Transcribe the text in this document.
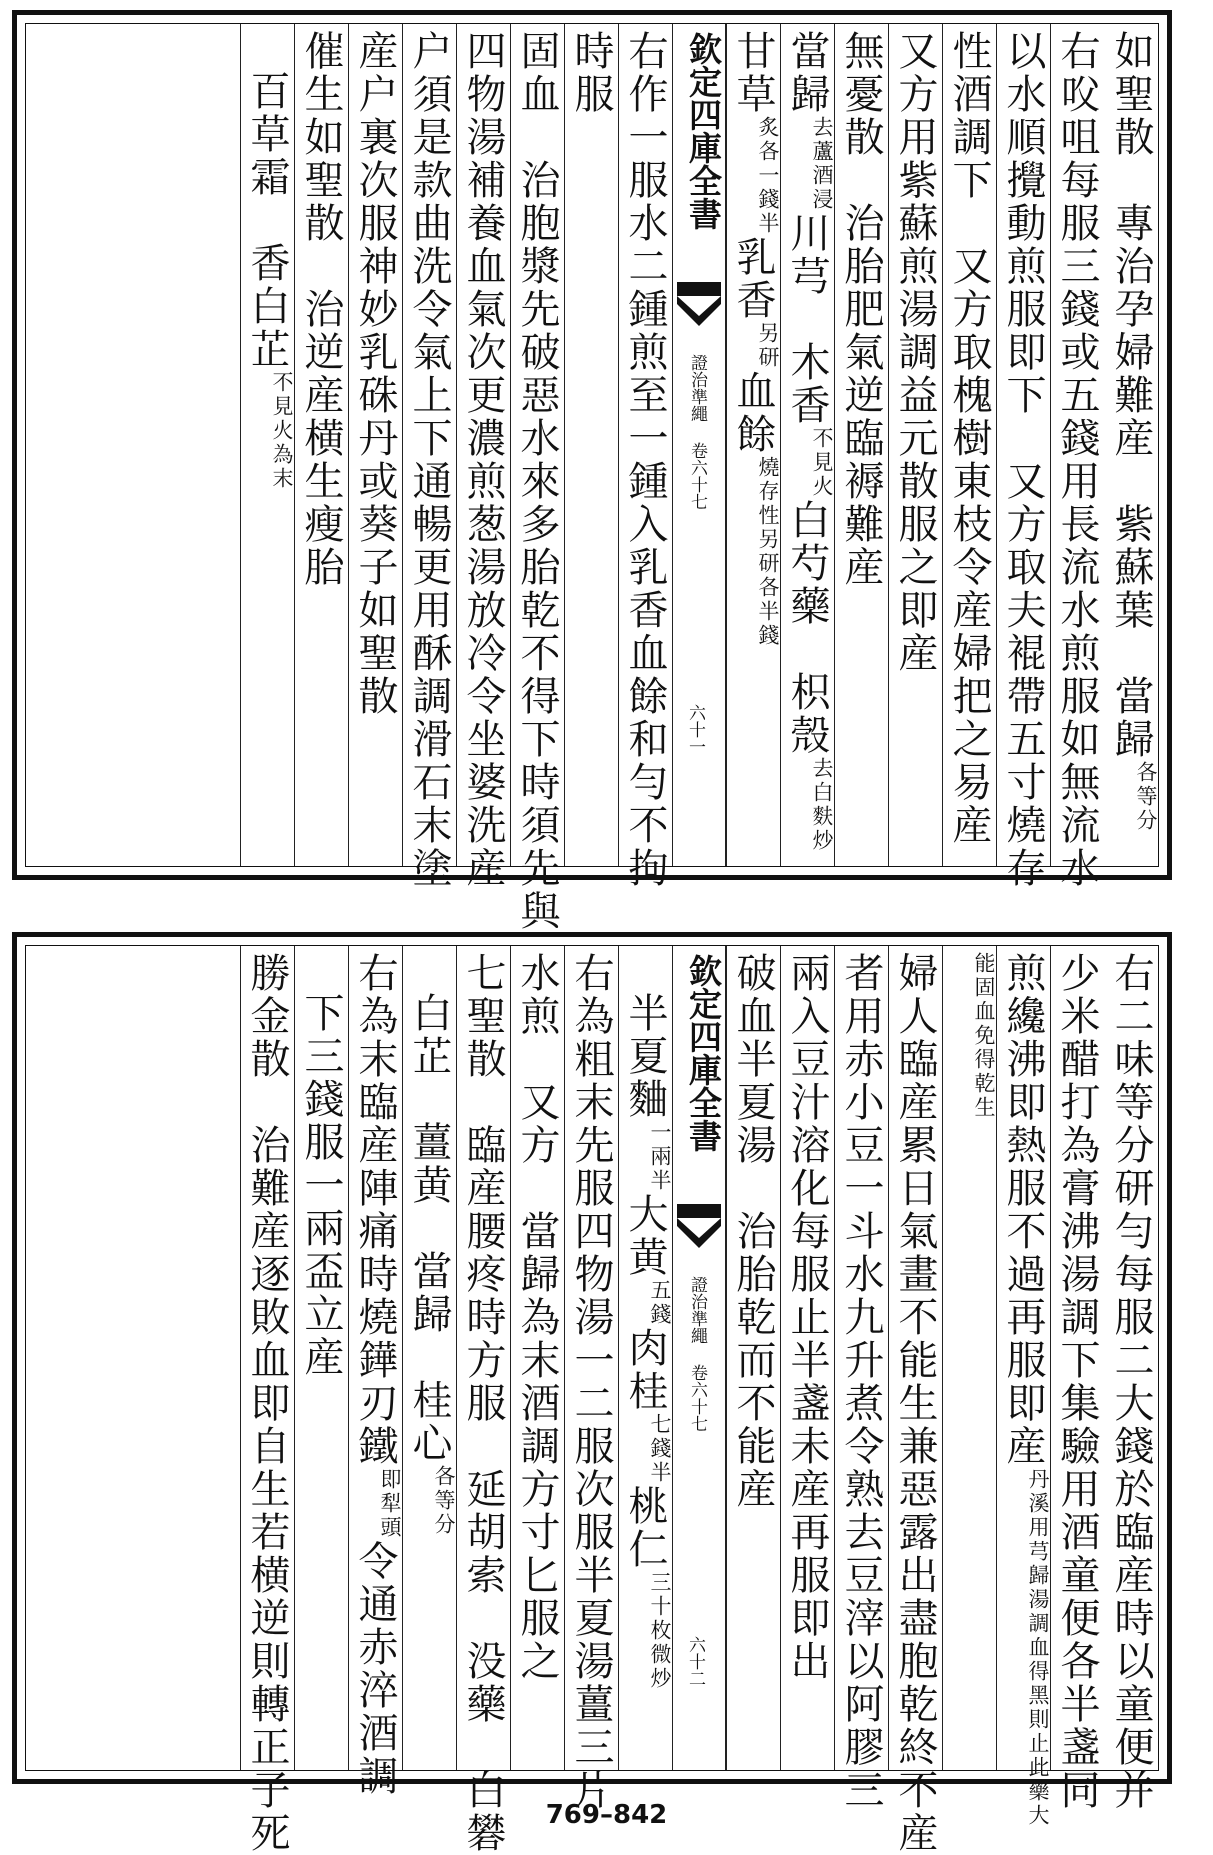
如聖散　專治孕婦難産　紫蘇葉　當歸各等分
右㕮咀每服三錢或五錢用長流水煎服如無流水
以水順攪動煎服即下　又方取夫裩帶五寸燒存
性酒調下　又方取槐樹東枝令産婦把之易産
又方用紫蘇煎湯調益元散服之即産
無憂散　治胎肥氣逆臨褥難産
當歸去蘆酒浸川芎　木香不見火白芍藥　枳殼去白麩炒
甘草炙各一錢半乳香另研血餘燒存性另研各半錢
欽定四庫全書
證治準繩 卷六十七
六十一
右作一服水二鍾煎至一鍾入乳香血餘和勻不拘
時服
固血　治胞漿先破惡水來多胎乾不得下時須先與
四物湯補養血氣次更濃煎葱湯放冷令坐婆洗産
户須是款曲洗令氣上下通暢更用酥調滑石末塗
産户裏次服神妙乳硃丹或葵子如聖散
催生如聖散　治逆産横生瘦胎
百草霜　香白芷不見火為末
右二味等分研勻每服二大錢於臨産時以童便并
少米醋打為膏沸湯調下集驗用酒童便各半盞同
煎纔沸即熱服不過再服即産丹溪用芎歸湯調血得黑則止此藥大
能固血免得乾生
婦人臨産累日氣畫不能生兼惡露出盡胞乾終不産
者用赤小豆一斗水九升煮令熟去豆滓以阿膠三
兩入豆汁溶化每服止半盞未産再服即出
破血半夏湯　治胎乾而不能産
欽定四庫全書
證治準繩 卷六十七
六十二
半夏麯一兩半大黄五錢肉桂七錢半桃仁三十枚微炒
右為粗末先服四物湯一二服次服半夏湯薑三片
水煎　又方　當歸為末酒調方寸匕服之
七聖散　臨産腰疼時方服　延胡索　没藥　白礬
白芷　薑黄　當歸　桂心各等分
右為末臨産陣痛時燒鏵刃鐵即犁頭令通赤淬酒調
下三錢服一兩盃立産
勝金散　治難産逐敗血即自生若横逆則轉正子死	769–842
